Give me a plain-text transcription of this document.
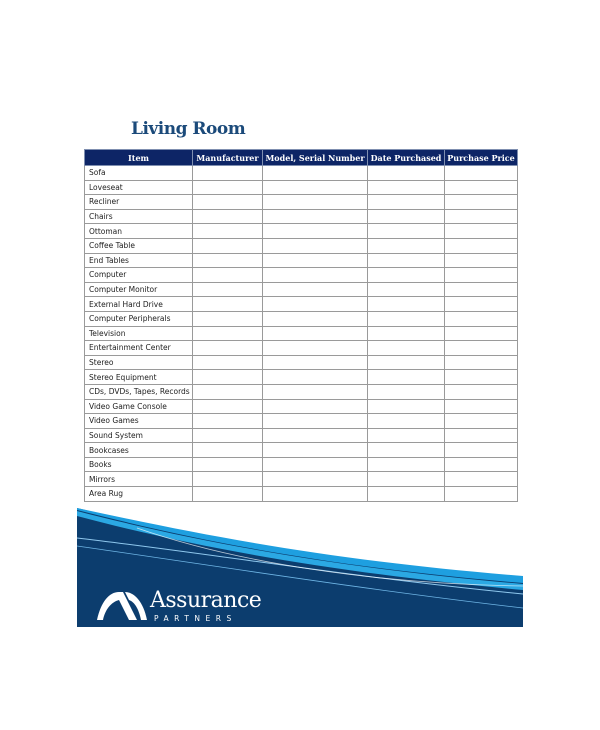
Living Room
Item	Manufacturer	Model, Serial Number	Date Purchased	Purchase Price
Sofa				
Loveseat				
Recliner				
Chairs				
Ottoman				
Coffee Table				
End Tables				
Computer				
Computer Monitor				
External Hard Drive				
Computer Peripherals				
Television				
Entertainment Center				
Stereo				
Stereo Equipment				
CDs, DVDs, Tapes, Records				
Video Game Console				
Video Games				
Sound System				
Bookcases				
Books				
Mirrors				
Area Rug				
Assurance
PARTNERS
